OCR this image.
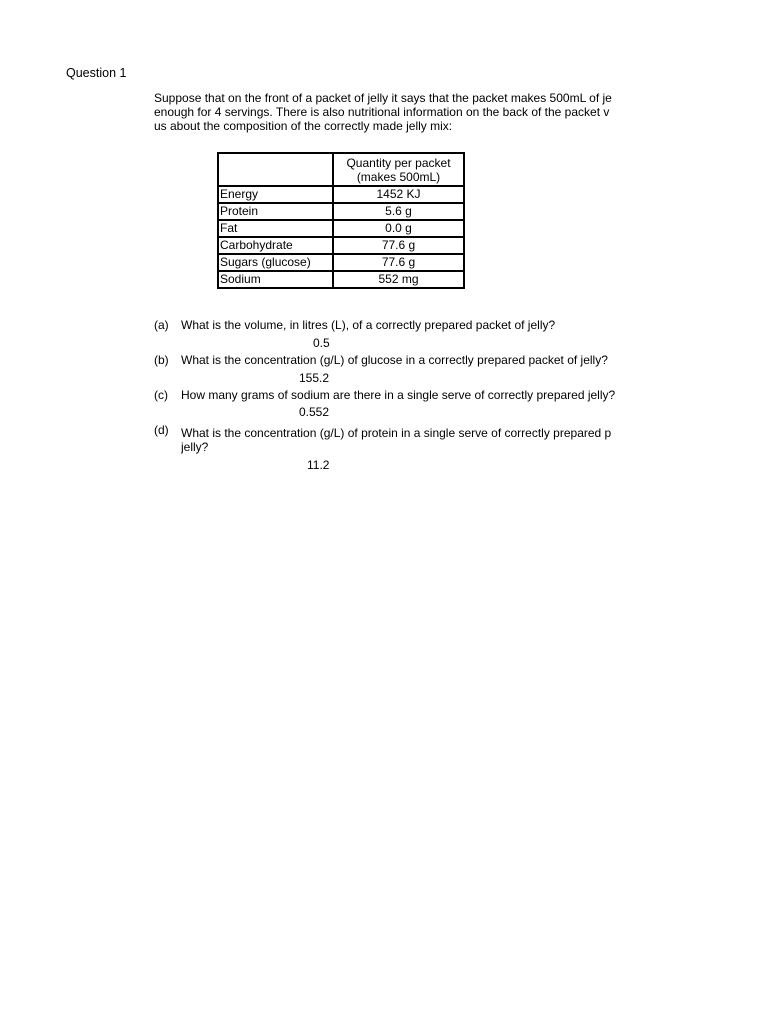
Question 1
Suppose that on the front of a packet of jelly it says that the packet makes 500mL of je
enough for 4 servings. There is also nutritional information on the back of the packet ᴠ
us about the composition of the correctly made jelly mix:

	Quantity per packet
(makes 500mL)

Energy	1452 KJ
Protein	5.6 g
Fat	0.0 g
Carbohydrate	77.6 g
Sugars (glucose)	77.6 g
Sodium	552 mg
(a) What is the volume, in litres (L), of a correctly prepared packet of jelly?
0.5
(b) What is the concentration (g/L) of glucose in a correctly prepared packet of jelly?
155.2
(c) How many grams of sodium are there in a single serve of correctly prepared jelly?
0.552
(d) What is the concentration (g/L) of protein in a single serve of correctly prepared p
jelly?
11.2
